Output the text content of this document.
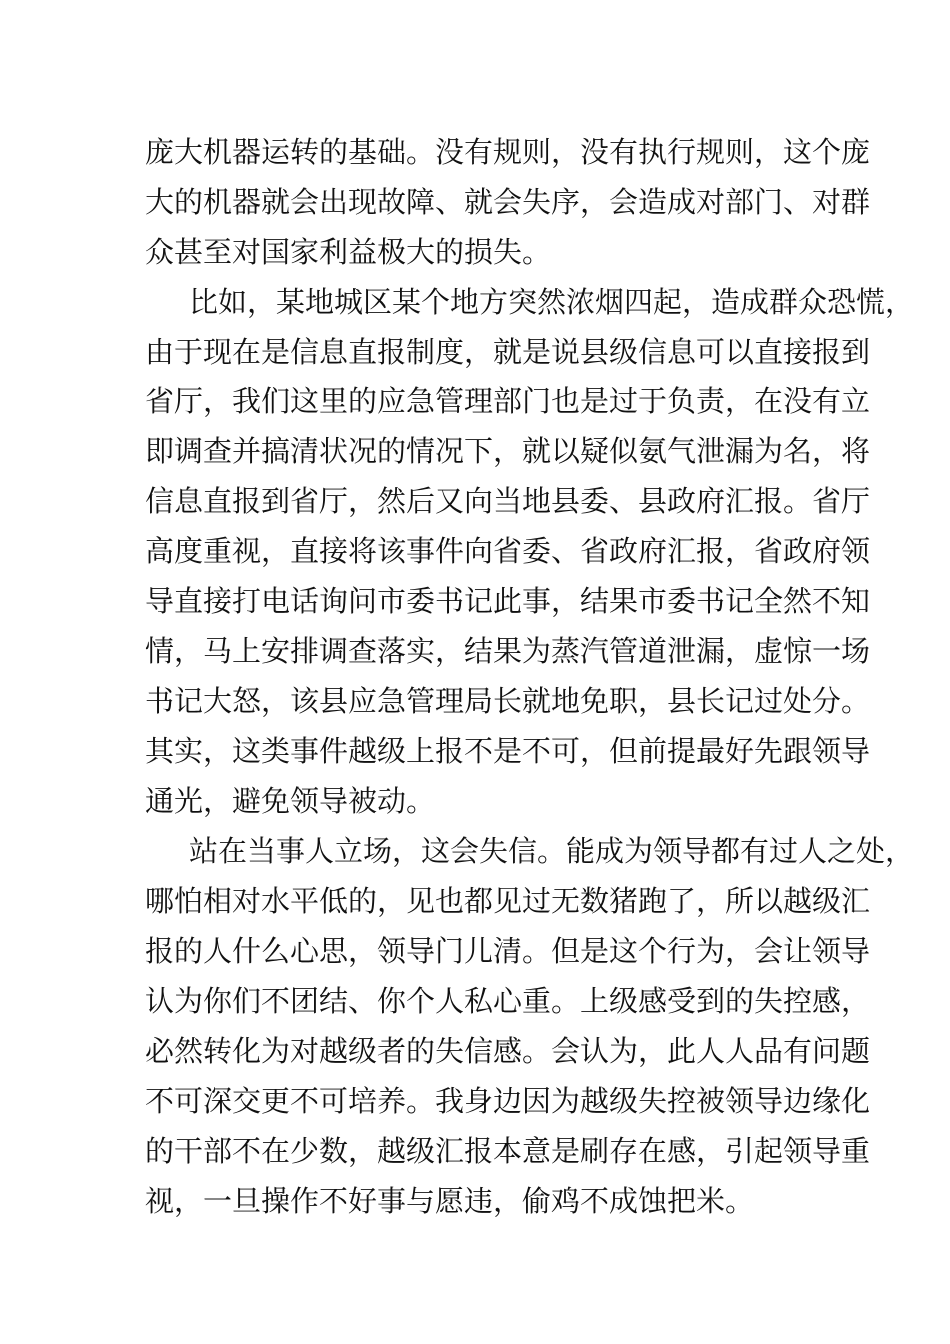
庞大机器运转的基础。没有规则，没有执行规则，这个庞

大的机器就会出现故障、就会失序，会造成对部门、对群

众甚至对国家利益极大的损失。

比如，某地城区某个地方突然浓烟四起，造成群众恐慌，

由于现在是信息直报制度，就是说县级信息可以直接报到

省厅，我们这里的应急管理部门也是过于负责，在没有立

即调查并搞清状况的情况下，就以疑似氨气泄漏为名，将

信息直报到省厅，然后又向当地县委、县政府汇报。省厅

高度重视，直接将该事件向省委、省政府汇报，省政府领

导直接打电话询问市委书记此事，结果市委书记全然不知

情，马上安排调查落实，结果为蒸汽管道泄漏，虚惊一场

书记大怒，该县应急管理局长就地免职，县长记过处分。

其实，这类事件越级上报不是不可，但前提最好先跟领导

通光，避免领导被动。

站在当事人立场，这会失信。能成为领导都有过人之处，

哪怕相对水平低的，见也都见过无数猪跑了，所以越级汇

报的人什么心思，领导门儿清。但是这个行为，会让领导

认为你们不团结、你个人私心重。上级感受到的失控感，

必然转化为对越级者的失信感。会认为，此人人品有问题

不可深交更不可培养。我身边因为越级失控被领导边缘化

的干部不在少数，越级汇报本意是刷存在感，引起领导重

视，一旦操作不好事与愿违，偷鸡不成蚀把米。
